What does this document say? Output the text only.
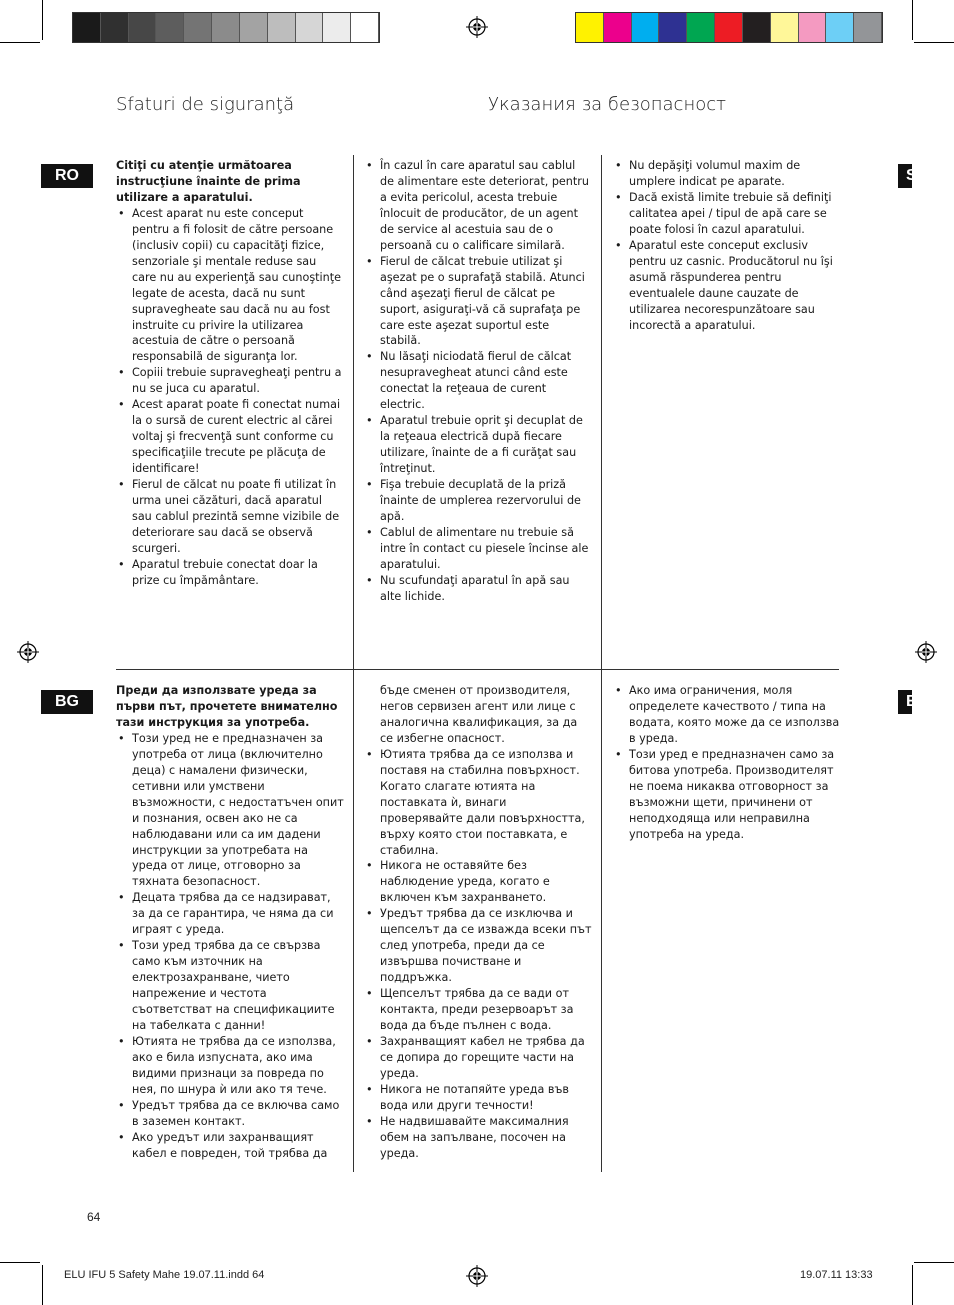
Sfaturi de siguranţă	Указания за безопасност
RO
BG
S
E

Citiţi cu atenţie următoarea instrucţiune înainte de prima utilizare a aparatului.

• Acest aparat nu este conceput pentru a fi folosit de către persoane (inclusiv copii) cu capacităţi fizice, senzoriale şi mentale reduse sau care nu au experienţă sau cunoştinţe legate de acesta, dacă nu sunt supravegheate sau dacă nu au fost instruite cu privire la utilizarea acestuia de către o persoană responsabilă de siguranţa lor.
• Copiii trebuie supravegheaţi pentru a nu se juca cu aparatul.
• Acest aparat poate fi conectat numai la o sursă de curent electric al cărei voltaj şi frecvenţă sunt conforme cu specificaţiile trecute pe plăcuţa de identificare!
• Fierul de călcat nu poate fi utilizat în urma unei căzături, dacă aparatul sau cablul prezintă semne vizibile de deteriorare sau dacă se observă scurgeri.
• Aparatul trebuie conectat doar la prize cu împământare.
• În cazul în care aparatul sau cablul de alimentare este deteriorat, pentru a evita pericolul, acesta trebuie înlocuit de producător, de un agent de service al acestuia sau de o persoană cu o calificare similară.
• Fierul de călcat trebuie utilizat şi aşezat pe o suprafaţă stabilă. Atunci când aşezaţi fierul de călcat pe suport, asiguraţi-vă că suprafaţa pe care este aşezat suportul este stabilă.
• Nu lăsaţi niciodată fierul de călcat nesupravegheat atunci când este conectat la reţeaua de curent electric.
• Aparatul trebuie oprit şi decuplat de la reţeaua electrică după fiecare utilizare, înainte de a fi curăţat sau întreţinut.
• Fişa trebuie decuplată de la priză înainte de umplerea rezervorului de apă.
• Cablul de alimentare nu trebuie să intre în contact cu piesele încinse ale aparatului.
• Nu scufundaţi aparatul în apă sau alte lichide.
• Nu depăşiţi volumul maxim de umplere indicat pe aparate.
• Dacă există limite trebuie să definiţi calitatea apei / tipul de apă care se poate folosi în cazul aparatului.
• Aparatul este conceput exclusiv pentru uz casnic. Producătorul nu îşi asumă răspunderea pentru eventualele daune cauzate de utilizarea necorespunzătoare sau incorectă a aparatului.

Преди да използвате уреда за първи път, прочетете внимателно тази инструкция за употреба.

• Този уред не е предназначен за употреба от лица (включително деца) с намалени физически, сетивни или умствени възможности, с недостатъчен опит и познания, освен ако не са наблюдавани или са им дадени инструкции за употребата на уреда от лице, отговорно за тяхната безопасност.
• Децата трябва да се надзирават, за да се гарантира, че няма да си играят с уреда.
• Този уред трябва да се свързва само към източник на електрозахранване, чието напрежение и честота съответстват на спецификациите на табелката с данни!
• Ютията не трябва да се използва, ако е била изпусната, ако има видими признаци за повреда по нея, по шнура ѝ или ако тя тече.
• Уредът трябва да се включва само в заземен контакт.
• Ако уредът или захранващият кабел е повреден, той трябва да

бъде сменен от производителя, негов сервизен агент или лице с аналогична квалификация, за да се избегне опасност.

• Ютията трябва да се използва и поставя на стабилна повърхност. Когато слагате ютията на поставката ѝ, винаги проверявайте дали повърхността, върху която стои поставката, е стабилна.
• Никога не оставяйте без наблюдение уреда, когато е включен към захранването.
• Уредът трябва да се изключва и щепселът да се изважда всеки път след употреба, преди да се извършва почистване и поддръжка.
• Щепселът трябва да се вади от контакта, преди резервоарът за вода да бъде пълнен с вода.
• Захранващият кабел не трябва да се допира до горещите части на уреда.
• Никога не потапяйте уреда във вода или други течности!
• Не надвишавайте максималния обем на запълване, посочен на уреда.
• Ако има ограничения, моля определете качеството / типа на водата, която може да се използва в уреда.
• Този уред е предназначен само за битова употреба. Производителят не поема никаква отговорност за възможни щети, причинени от неподходяща или неправилна употреба на уреда.
64
ELU IFU 5 Safety Mahe 19.07.11.indd 64	19.07.11 13:33
